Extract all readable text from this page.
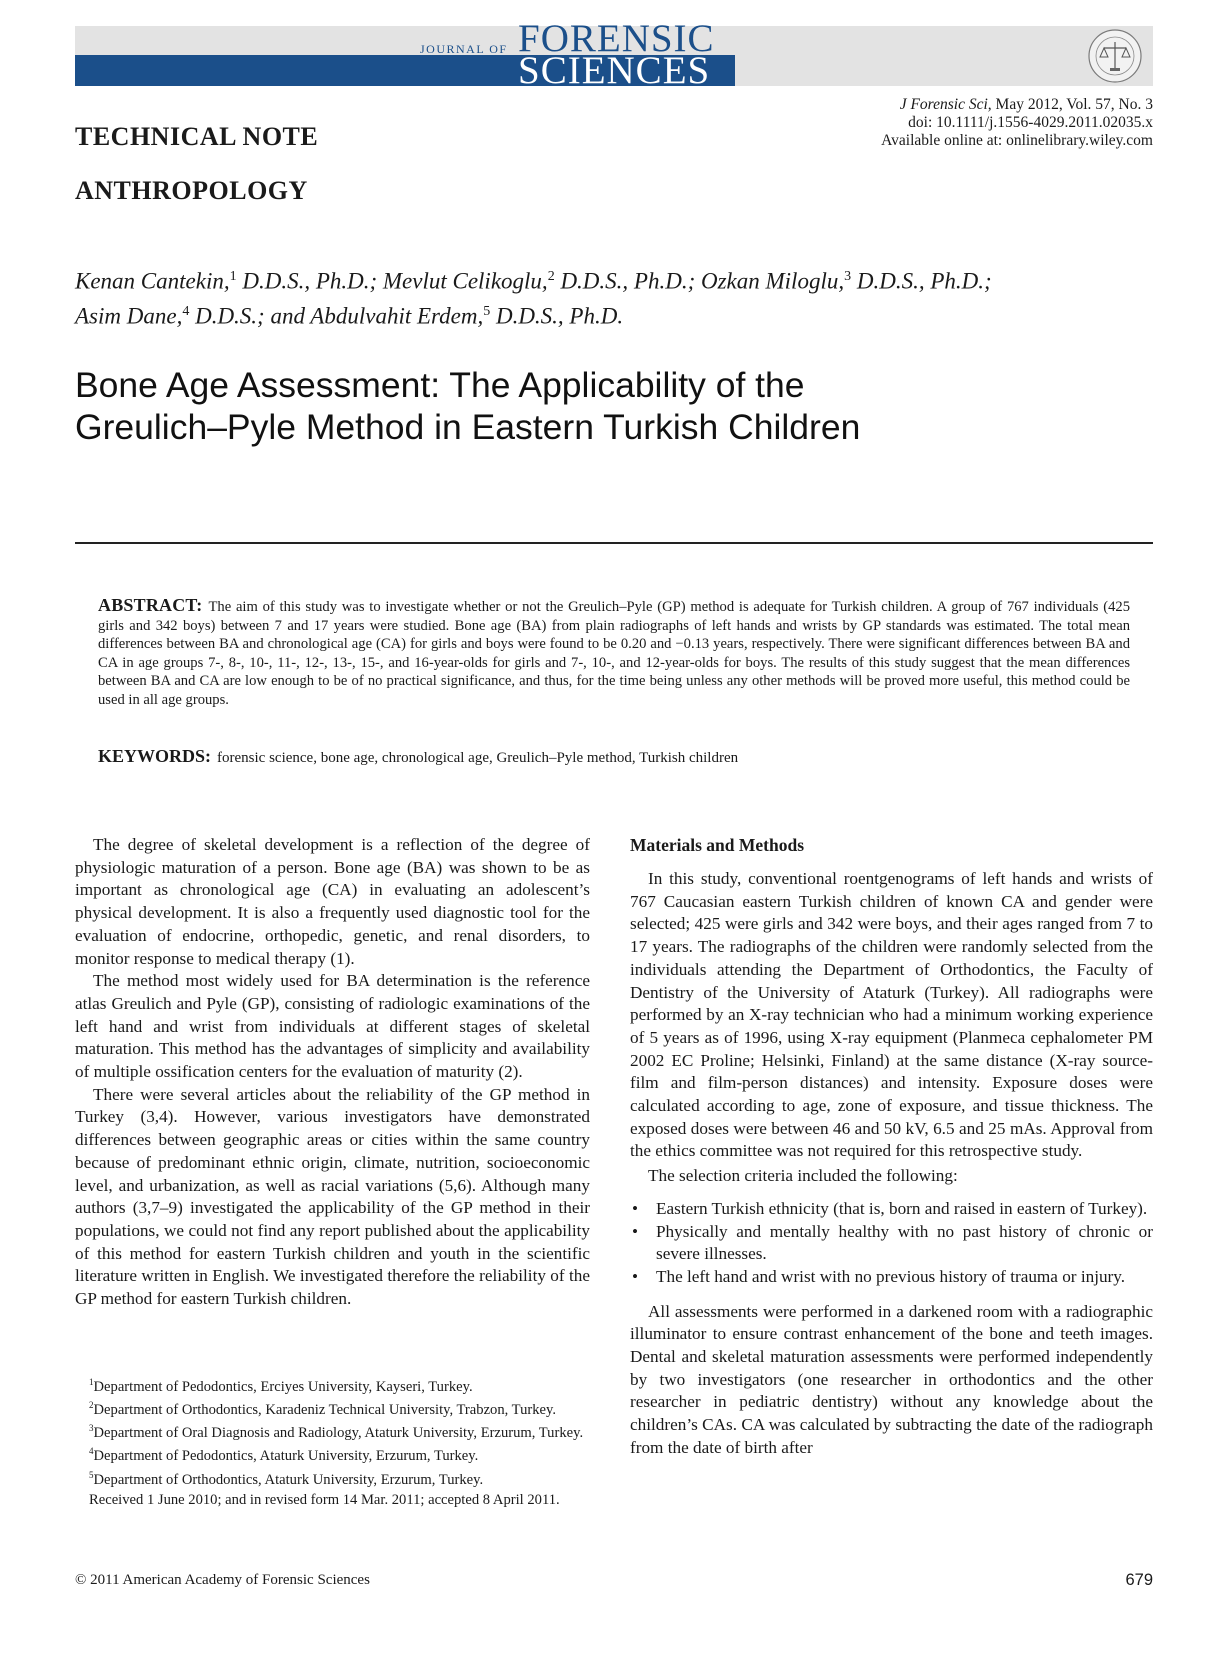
JOURNAL OF FORENSIC
SCIENCES
J Forensic Sci, May 2012, Vol. 57, No. 3
doi: 10.1111/j.1556-4029.2011.02035.x
Available online at: onlinelibrary.wiley.com
TECHNICAL NOTE
ANTHROPOLOGY
Kenan Cantekin,$^1$ D.D.S., Ph.D.; Mevlut Celikoglu,$^2$ D.D.S., Ph.D.; Ozkan Miloglu,$^3$ D.D.S., Ph.D.;
Asim Dane,$^4$ D.D.S.; and Abdulvahit Erdem,$^5$ D.D.S., Ph.D.
Bone Age Assessment: The Applicability of the Greulich–Pyle Method in Eastern Turkish Children
ABSTRACT: The aim of this study was to investigate whether or not the Greulich–Pyle (GP) method is adequate for Turkish children. A group of 767 individuals (425 girls and 342 boys) between 7 and 17 years were studied. Bone age (BA) from plain radiographs of left hands and wrists by GP standards was estimated. The total mean differences between BA and chronological age (CA) for girls and boys were found to be 0.20 and −0.13 years, respectively. There were significant differences between BA and CA in age groups 7-, 8-, 10-, 11-, 12-, 13-, 15-, and 16-year-olds for girls and 7-, 10-, and 12-year-olds for boys. The results of this study suggest that the mean differences between BA and CA are low enough to be of no practical significance, and thus, for the time being unless any other methods will be proved more useful, this method could be used in all age groups.
KEYWORDS: forensic science, bone age, chronological age, Greulich–Pyle method, Turkish children

The degree of skeletal development is a reflection of the degree of physiologic maturation of a person. Bone age (BA) was shown to be as important as chronological age (CA) in evaluating an adolescent’s physical development. It is also a frequently used diagnostic tool for the evaluation of endocrine, orthopedic, genetic, and renal disorders, to monitor response to medical therapy (1).

The method most widely used for BA determination is the reference atlas Greulich and Pyle (GP), consisting of radiologic examinations of the left hand and wrist from individuals at different stages of skeletal maturation. This method has the advantages of simplicity and availability of multiple ossification centers for the evaluation of maturity (2).

There were several articles about the reliability of the GP method in Turkey (3,4). However, various investigators have demonstrated differences between geographic areas or cities within the same country because of predominant ethnic origin, climate, nutrition, socioeconomic level, and urbanization, as well as racial variations (5,6). Although many authors (3,7–9) investigated the applicability of the GP method in their populations, we could not find any report published about the applicability of this method for eastern Turkish children and youth in the scientific literature written in English. We investigated therefore the reliability of the GP method for eastern Turkish children.

$^1$Department of Pedodontics, Erciyes University, Kayseri, Turkey.
$^2$Department of Orthodontics, Karadeniz Technical University, Trabzon, Turkey.
$^3$Department of Oral Diagnosis and Radiology, Ataturk University, Erzurum, Turkey.
$^4$Department of Pedodontics, Ataturk University, Erzurum, Turkey.
$^5$Department of Orthodontics, Ataturk University, Erzurum, Turkey.
Received 1 June 2010; and in revised form 14 Mar. 2011; accepted 8 April 2011.
Materials and Methods

In this study, conventional roentgenograms of left hands and wrists of 767 Caucasian eastern Turkish children of known CA and gender were selected; 425 were girls and 342 were boys, and their ages ranged from 7 to 17 years. The radiographs of the children were randomly selected from the individuals attending the Department of Orthodontics, the Faculty of Dentistry of the University of Ataturk (Turkey). All radiographs were performed by an X-ray technician who had a minimum working experience of 5 years as of 1996, using X-ray equipment (Planmeca cephalometer PM 2002 EC Proline; Helsinki, Finland) at the same distance (X-ray source-film and film-person distances) and intensity. Exposure doses were calculated according to age, zone of exposure, and tissue thickness. The exposed doses were between 46 and 50 kV, 6.5 and 25 mAs. Approval from the ethics committee was not required for this retrospective study.

The selection criteria included the following:

• Eastern Turkish ethnicity (that is, born and raised in eastern of Turkey).
• Physically and mentally healthy with no past history of chronic or severe illnesses.
• The left hand and wrist with no previous history of trauma or injury.

All assessments were performed in a darkened room with a radiographic illuminator to ensure contrast enhancement of the bone and teeth images. Dental and skeletal maturation assessments were performed independently by two investigators (one researcher in orthodontics and the other researcher in pediatric dentistry) without any knowledge about the children’s CAs. CA was calculated by subtracting the date of the radiograph from the date of birth after

© 2011 American Academy of Forensic Sciences	679
